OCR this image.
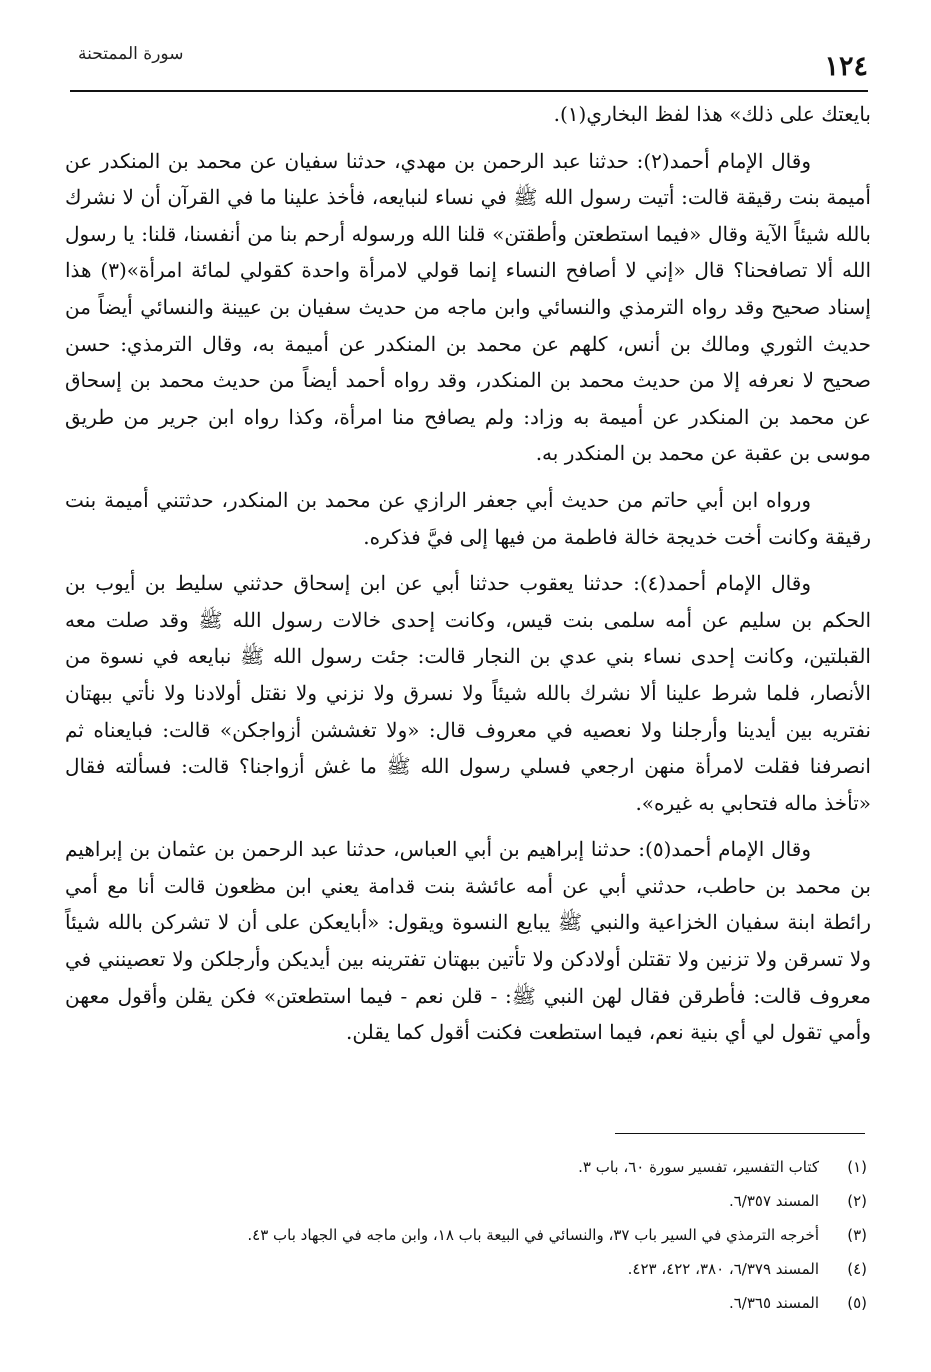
١٢٤
سورة الممتحنة

بايعتك على ذلك» هذا لفظ البخاري(١).

وقال الإمام أحمد(٢): حدثنا عبد الرحمن بن مهدي، حدثنا سفيان عن محمد بن المنكدر عن أميمة بنت رقيقة قالت: أتيت رسول الله ﷺ في نساء لنبايعه، فأخذ علينا ما في القرآن أن لا نشرك بالله شيئاً الآية وقال «فيما استطعتن وأطقتن» قلنا الله ورسوله أرحم بنا من أنفسنا، قلنا: يا رسول الله ألا تصافحنا؟ قال «إني لا أصافح النساء إنما قولي لامرأة واحدة كقولي لمائة امرأة»(٣) هذا إسناد صحيح وقد رواه الترمذي والنسائي وابن ماجه من حديث سفيان بن عيينة والنسائي أيضاً من حديث الثوري ومالك بن أنس، كلهم عن محمد بن المنكدر عن أميمة به، وقال الترمذي: حسن صحيح لا نعرفه إلا من حديث محمد بن المنكدر، وقد رواه أحمد أيضاً من حديث محمد بن إسحاق عن محمد بن المنكدر عن أميمة به وزاد: ولم يصافح منا امرأة، وكذا رواه ابن جرير من طريق موسى بن عقبة عن محمد بن المنكدر به.

ورواه ابن أبي حاتم من حديث أبي جعفر الرازي عن محمد بن المنكدر، حدثتني أميمة بنت رقيقة وكانت أخت خديجة خالة فاطمة من فيها إلى فيَّ فذكره.

وقال الإمام أحمد(٤): حدثنا يعقوب حدثنا أبي عن ابن إسحاق حدثني سليط بن أيوب بن الحكم بن سليم عن أمه سلمى بنت قيس، وكانت إحدى خالات رسول الله ﷺ وقد صلت معه القبلتين، وكانت إحدى نساء بني عدي بن النجار قالت: جئت رسول الله ﷺ نبايعه في نسوة من الأنصار، فلما شرط علينا ألا نشرك بالله شيئاً ولا نسرق ولا نزني ولا نقتل أولادنا ولا نأتي ببهتان نفتريه بين أيدينا وأرجلنا ولا نعصيه في معروف قال: «ولا تغششن أزواجكن» قالت: فبايعناه ثم انصرفنا فقلت لامرأة منهن ارجعي فسلي رسول الله ﷺ ما غش أزواجنا؟ قالت: فسألته فقال «تأخذ ماله فتحابي به غيره».

وقال الإمام أحمد(٥): حدثنا إبراهيم بن أبي العباس، حدثنا عبد الرحمن بن عثمان بن إبراهيم بن محمد بن حاطب، حدثني أبي عن أمه عائشة بنت قدامة يعني ابن مظعون قالت أنا مع أمي رائطة ابنة سفيان الخزاعية والنبي ﷺ يبايع النسوة ويقول: «أبايعكن على أن لا تشركن بالله شيئاً ولا تسرقن ولا تزنين ولا تقتلن أولادكن ولا تأتين ببهتان تفترينه بين أيديكن وأرجلكن ولا تعصينني في معروف قالت: فأطرقن فقال لهن النبي ﷺ: - قلن نعم - فيما استطعتن» فكن يقلن وأقول معهن وأمي تقول لي أي بنية نعم، فيما استطعت فكنت أقول كما يقلن.

(١)
كتاب التفسير، تفسير سورة ٦٠، باب ٣.
(٢)
المسند ٦/٣٥٧.
(٣)
أخرجه الترمذي في السير باب ٣٧، والنسائي في البيعة باب ١٨، وابن ماجه في الجهاد باب ٤٣.
(٤)
المسند ٦/٣٧٩، ٣٨٠، ٤٢٢، ٤٢٣.
(٥)
المسند ٦/٣٦٥.
